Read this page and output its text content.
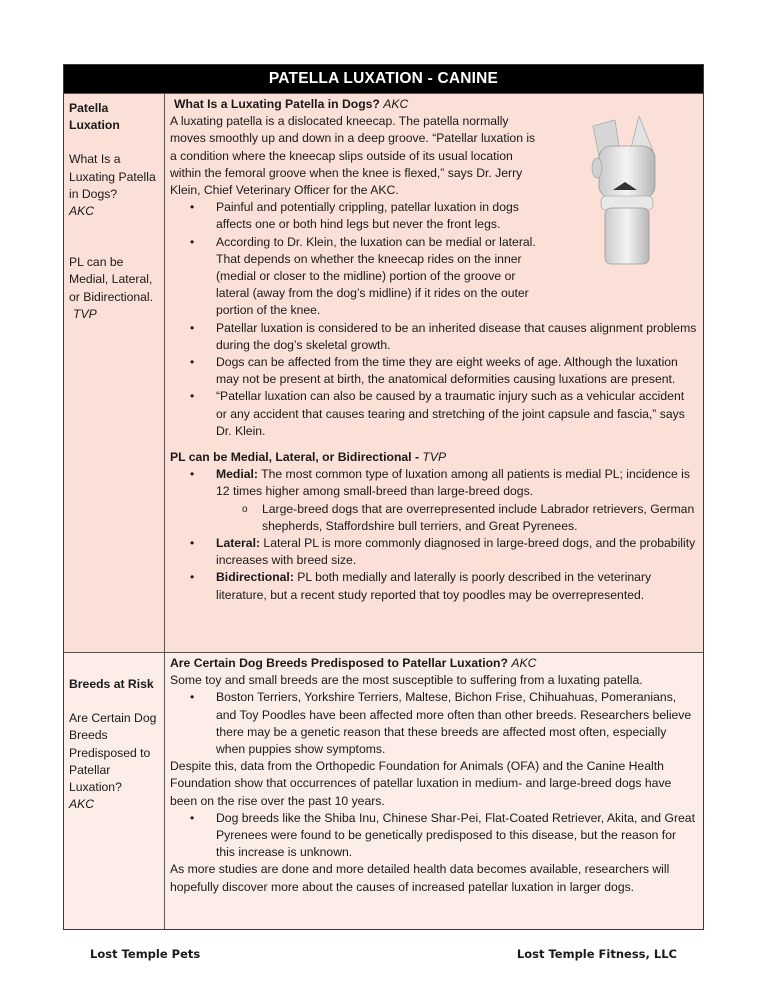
PATELLA LUXATION - CANINE
Patella Luxation
What Is a Luxating Patella in Dogs?
AKC
PL can be Medial, Lateral, or Bidirectional.
TVP
What Is a Luxating Patella in Dogs? AKC

A luxating patella is a dislocated kneecap. The patella normally moves smoothly up and down in a deep groove. “Patellar luxation is a condition where the kneecap slips outside of its usual location within the femoral groove when the knee is flexed,” says Dr. Jerry Klein, Chief Veterinary Officer for the AKC.

• Painful and potentially crippling, patellar luxation in dogs affects one or both hind legs but never the front legs.
• According to Dr. Klein, the luxation can be medial or lateral. That depends on whether the kneecap rides on the inner (medial or closer to the midline) portion of the groove or lateral (away from the dog’s midline) if it rides on the outer portion of the knee.
• Patellar luxation is considered to be an inherited disease that causes alignment problems during the dog’s skeletal growth.
• Dogs can be affected from the time they are eight weeks of age. Although the luxation may not be present at birth, the anatomical deformities causing luxations are present.
• “Patellar luxation can also be caused by a traumatic injury such as a vehicular accident or any accident that causes tearing and stretching of the joint capsule and fascia,” says Dr. Klein.
PL can be Medial, Lateral, or Bidirectional - TVP
• Medial: The most common type of luxation among all patients is medial PL; incidence is 12 times higher among small-breed than large-breed dogs.
o Large-breed dogs that are overrepresented include Labrador retrievers, German shepherds, Staffordshire bull terriers, and Great Pyrenees.
• Lateral: Lateral PL is more commonly diagnosed in large-breed dogs, and the probability increases with breed size.
• Bidirectional: PL both medially and laterally is poorly described in the veterinary literature, but a recent study reported that toy poodles may be overrepresented.
Breeds at Risk
Are Certain Dog Breeds Predisposed to Patellar Luxation?
AKC
Are Certain Dog Breeds Predisposed to Patellar Luxation? AKC

Some toy and small breeds are the most susceptible to suffering from a luxating patella.

• Boston Terriers, Yorkshire Terriers, Maltese, Bichon Frise, Chihuahuas, Pomeranians, and Toy Poodles have been affected more often than other breeds. Researchers believe there may be a genetic reason that these breeds are affected most often, especially when puppies show symptoms.

Despite this, data from the Orthopedic Foundation for Animals (OFA) and the Canine Health Foundation show that occurrences of patellar luxation in medium- and large-breed dogs have been on the rise over the past 10 years.

• Dog breeds like the Shiba Inu, Chinese Shar-Pei, Flat-Coated Retriever, Akita, and Great Pyrenees were found to be genetically predisposed to this disease, but the reason for this increase is unknown.

As more studies are done and more detailed health data becomes available, researchers will hopefully discover more about the causes of increased patellar luxation in larger dogs.

Lost Temple Pets	Lost Temple Fitness, LLC
